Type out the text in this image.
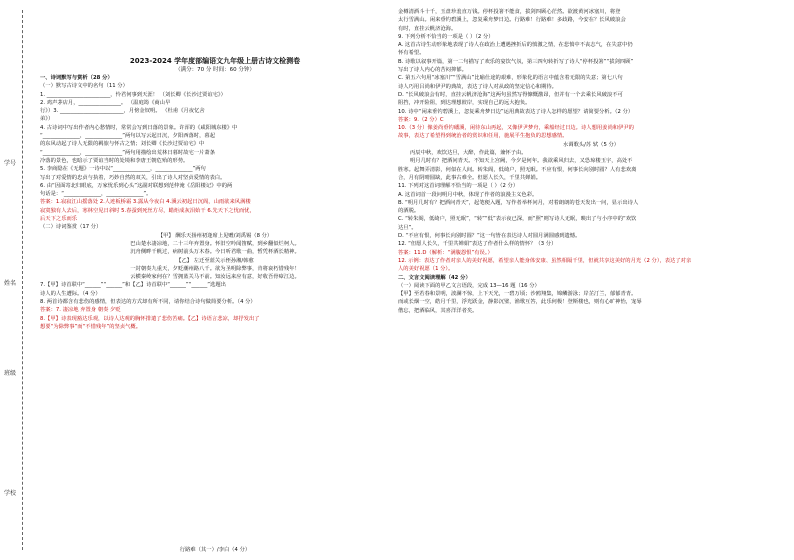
学号
姓名
班级
学校
2023-2024 学年度部编语文九年级上册古诗文检测卷
（满分：70 分 时间：60 分钟）
一、诗词默写与赏析（28 分）
（一）默写古诗文中的名句（11 分）
1. ________________________，怜君何事到天涯！ （刘长卿《长沙过贾谊宅》）
2. 鸡声茅店月，________________。 （温庭筠《商山早
行》）3. ________________________，月傍金钗明。 （杜甫《月夜忆舍
弟》）
4. 古诗词中写出作者内心愁情时，常常会写到日落的景象。许浑的《咸阳城东楼》中
“______________，______________”两句以写云起日沉，夕阳西落时，暮起
的东风动起了诗人无限的羁旅与怀古之情；刘长卿《长沙过贾谊宅》中
“______________，______________”两句用描绘出荒林日暮时故宅一片萧条
冷落的景色，也暗示了贾谊当时的处境和李唐王朝危殆的形势。
5. 李商隐在《无题》一诗中以“______________，______________”两句
写出了对爱情的忠贞与执着，巧妙自然的双关，引出了诗人对坚贞爱情的表白。
6. 由“因面寄北归眼底，万家忧乐到心头”这副对联想到范仲淹《岳阳楼记》中的两
句话是：“______________，______________”。
答案：1.寂寂江山摇落处 2.人迹板桥霜 3.露从今夜白 4.溪云初起日沉阁，山雨欲来风满楼
寂寞独有人去后，寒林空见日斜时 5.春蚕到死丝方尽，蜡炬成灰泪始干 6.先天下之忧而忧，
后天下之乐而乐
（二）诗词鉴赏（17 分）
【甲】 酬乐天扬州初逢席上见赠/刘禹锡（8 分）
巴山楚水凄凉地，二十三年弃置身。怀旧空吟闻笛赋，到乡翻似烂柯人。
沉舟侧畔千帆过，病树前头万木春。今日听君歌一曲，暂凭杯酒长精神。
【乙】 左迁至蓝关示侄孙湘/韩愈
一封朝奏九重天，夕贬潮州路八千。欲为圣明除弊事，肯将衰朽惜残年！
云横秦岭家何在？雪拥蓝关马不前。知汝远来应有意，好收吾骨瘴江边。
7.【甲】诗首联中“______”“______”和【乙】诗首联中“______”“______”选题出
诗人的人生遭际。（4 分）
8. 两首诗都含有悲伤的感情，但表达的方式却有所不同，请你结合诗句做简要分析。（4 分）
答案：7. 凄凉地 弃置身 朝奏 夕贬
8.【甲】诗表现豁达乐观，以诗人达观的胸怀排遣了悲伤苦痛。【乙】诗语言悲凉，却抒发出了
想要“为除弊事”而“不惜残年”的坚贞气概。
行路难（其一）/李白（4 分）
金樽清酒斗十千，玉盘珍羞直万钱。停杯投箸不能食，拔剑四顾心茫然。欲渡黄河冰塞川，将登
太行雪满山。闲来垂钓碧溪上，忽复乘舟梦日边。行路难！行路难！多歧路，今安在？长风破浪会
有时，直挂云帆济沧海。
9. 下列分析不恰当的一项是（ ）（2 分）
A. 这首古诗生动形象地表现了诗人在政治上遭遇挫折后的愤激之情，在悲愤中不丧志气，在失意中仍
怀有希望。
B. 诗歌以叙事开篇，第一二句描写了欢乐的宴饮气氛，第三四句转折写了诗人“停杯投箸”“拔剑四顾”
写出了诗人内心的苦闷抑郁。
C. 第五六句用“冰塞川”“雪满山”比喻仕途的艰难，形象化的语言中蕴含着无限的失意；第七八句
诗人巧用吕尚和伊尹的典故，表达了诗人对从政的坚定信心和期待。
D. “长风破浪会有时，直挂云帆济沧海”这两句虽然写得慷慨激昂，但并有一个去乘长风破浪不可
阻挡，冲开险阻，到达理想彼岸，实现自己的远大抱负。
10. 诗中“闲来垂钓碧溪上，忽复乘舟梦日边”运用典故表达了诗人怎样的愿望？请简要分析。（2 分）
答案：9.（2 分）C
10.（3 分）像姜尚垂钓磻溪，闲待东山再起，又像伊尹梦舟，乘船经过日边。诗人想用姜尚和伊尹的
故事，表达了希望得到统治者的赏识和任用，施展平生抱负的思想感情。
水调歌头/苏 轼（5 分）
丙辰中秋，欢饮达旦，大醉，作此篇，兼怀子由。
明月几时有？把酒问青天。不知天上宫阙，今夕是何年。我欲乘风归去，又恐琼楼玉宇，高处不
胜寒。起舞弄清影，何似在人间。转朱阁，低绮户，照无眠。不应有恨，何事长向别时圆？人有悲欢离
合，月有阴晴圆缺，此事古难全。但愿人长久，千里共婵娟。
11. 下列对这首词理解不恰当的一项是（ ）（2 分）
A. 这首词首一段问明月中秋，体现了作者的浪漫主义色彩。
B. “明月几时有？把酒问青天”，起笔便入题，写作者举杯问月，对着朗朗的苍天发出一问，显示出诗人
的洒脱。
C. “转朱阁，低绮户，照无眠”，“转”“低”表示夜已深，而“照”则写诗人无眠，映出了与小序中的“欢饮
达旦”。
D. “不应有恨，何事长向别时圆？”这一句皆在表达诗人对圆月满圆感到遗憾。
12. “但愿人长久，千里共婵娟”表达了作者什么样的情怀？（3 分）
答案：11.D（解析：“满腹怨恨”有误。）
12. 示例：表达了作者对亲人的美好祝愿，希望亲人能身体安康、虽然相隔千里，但就共享这美好的月光（2 分），表达了对亲
人的美好祝愿（1 分）。
二、文言文阅读理解（42 分）
（一）阅读下面的甲乙文言语段，完成 13—16 题（16 分）
【甲】至若春和景明，波澜不惊，上下天光，一碧万顷；沙鸥翔集，锦鳞游泳；岸芷汀兰，郁郁青青。
而或长烟一空，皓月千里，浮光跃金，静影沉璧，渔歌互答，此乐何极！登斯楼也，则有心旷神怡，宠辱
偕忘，把酒临风，其喜洋洋者矣。
